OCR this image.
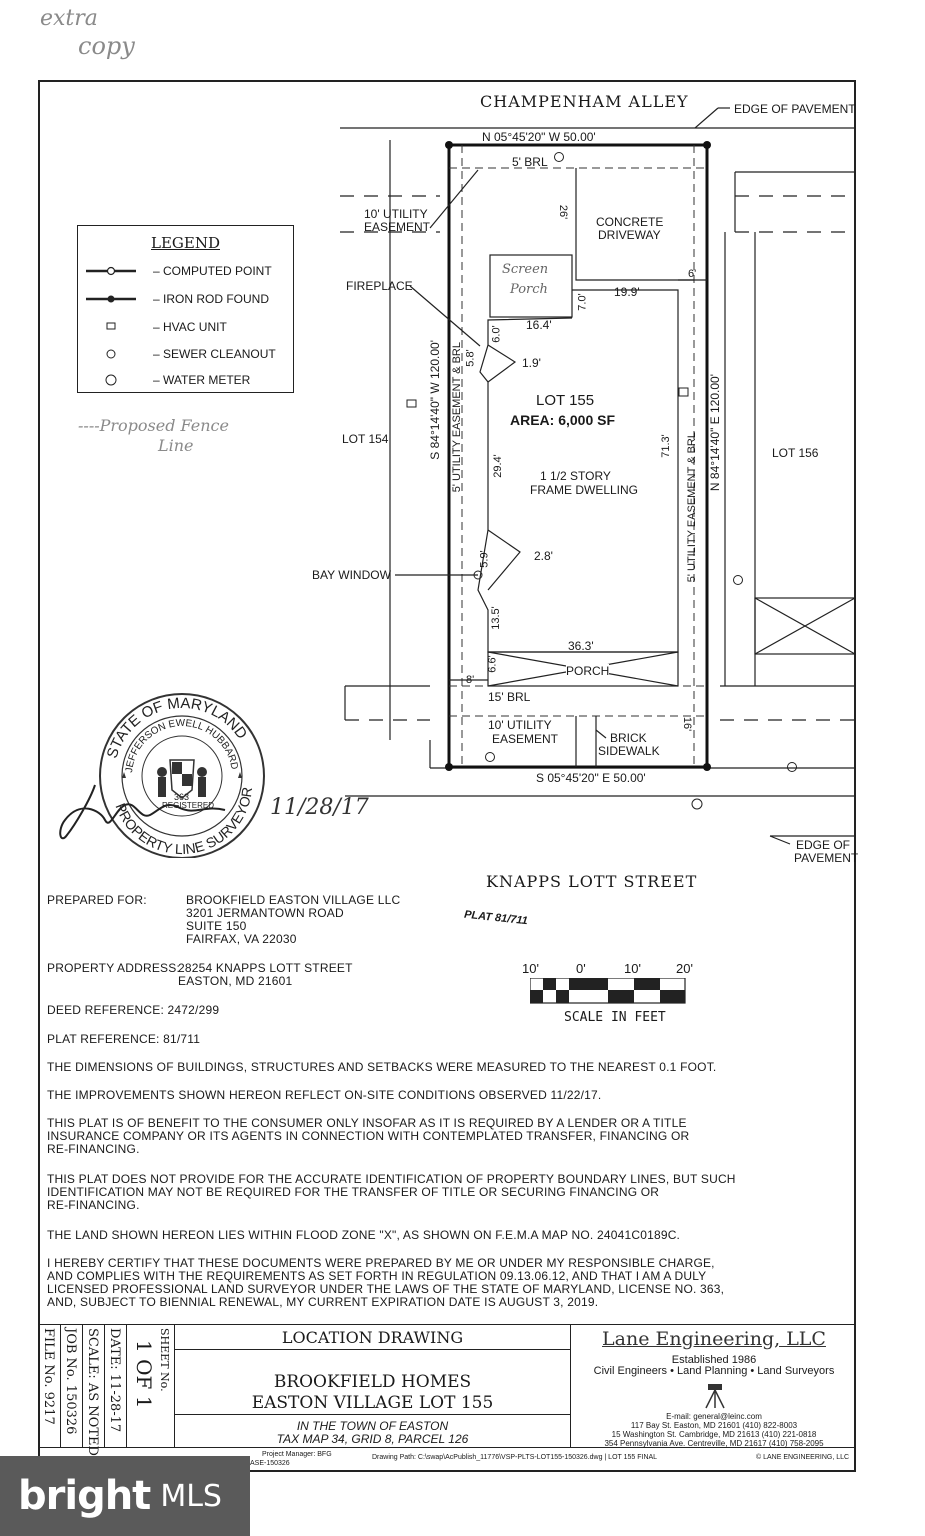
extra
copy
CHAMPENHAM ALLEY	EDGE OF PAVEMENT
KNAPPS LOTT STREET
EDGE OF
PAVEMENT
N 05°45'20" W 50.00'
S 05°45'20" E 50.00'
S 84°14'40" W 120.00'	N 84°14'40" E 120.00'
5' UTILITY EASEMENT & BRL
5' UTILITY EASEMENT & BRL
LEGEND
– COMPUTED POINT
– IRON ROD FOUND
– HVAC UNIT
– SEWER CLEANOUT
– WATER METER
----Proposed Fence
Line
10' UTILITY
EASEMENT
5' BRL
26'
CONCRETE
DRIVEWAY
Screen
Porch
FIREPLACE
6'
19.9'
7.0'
16.4'
6.0'
5.8'	1.9'
LOT 155
AREA: 6,000 SF
LOT 154
LOT 156
29.4'
71.3'
1 1/2 STORY
FRAME DWELLING
5.9'	2.8'
BAY WINDOW
13.5'
36.3'
6.6'	PORCH
8'
15' BRL
16'
10' UTILITY
EASEMENT	BRICK
SIDEWALK
STATE OF MARYLAND
JEFFERSON EWELL HUBBARD
PROPERTY LINE SURVEYOR
REGISTERED
363	11/28/17
PLAT 81/711
10'	0'	10'	20'
SCALE IN FEET
PREPARED FOR:	BROOKFIELD EASTON VILLAGE LLC
3201 JERMANTOWN ROAD
SUITE 150
FAIRFAX, VA 22030
PROPERTY ADDRESS:
28254 KNAPPS LOTT STREET
EASTON, MD 21601
DEED REFERENCE: 2472/299
PLAT REFERENCE: 81/711
THE DIMENSIONS OF BUILDINGS, STRUCTURES AND SETBACKS WERE MEASURED TO THE NEAREST 0.1 FOOT.
THE IMPROVEMENTS SHOWN HEREON REFLECT ON-SITE CONDITIONS OBSERVED 11/22/17.
THIS PLAT IS OF BENEFIT TO THE CONSUMER ONLY INSOFAR AS IT IS REQUIRED BY A LENDER OR A TITLE
INSURANCE COMPANY OR ITS AGENTS IN CONNECTION WITH CONTEMPLATED TRANSFER, FINANCING OR
RE-FINANCING.
THIS PLAT DOES NOT PROVIDE FOR THE ACCURATE IDENTIFICATION OF PROPERTY BOUNDARY LINES, BUT SUCH
IDENTIFICATION MAY NOT BE REQUIRED FOR THE TRANSFER OF TITLE OR SECURING FINANCING OR
RE-FINANCING.
THE LAND SHOWN HEREON LIES WITHIN FLOOD ZONE "X", AS SHOWN ON F.E.M.A MAP NO. 24041C0189C.
I HEREBY CERTIFY THAT THESE DOCUMENTS WERE PREPARED BY ME OR UNDER MY RESPONSIBLE CHARGE,
AND COMPLIES WITH THE REQUIREMENTS AS SET FORTH IN REGULATION 09.13.06.12, AND THAT I AM A DULY
LICENSED PROFESSIONAL LAND SURVEYOR UNDER THE LAWS OF THE STATE OF MARYLAND, LICENSE NO. 363,
AND, SUBJECT TO BIENNIAL RENEWAL, MY CURRENT EXPIRATION DATE IS AUGUST 3, 2019.
FILE No. 9217 JOB No. 150326 SCALE: AS NOTED DATE: 11-28-17	SHEET No.
1 OF 1
LOCATION DRAWING
BROOKFIELD HOMES
EASTON VILLAGE LOT 155
IN THE TOWN OF EASTON
TAX MAP 34, GRID 8, PARCEL 126
Lane Engineering, LLC
Established 1986
Civil Engineers • Land Planning • Land Surveyors
E-mail: general@leinc.com
117 Bay St. Easton, MD 21601 (410) 822-8003
15 Washington St. Cambridge, MD 21613 (410) 221-0818
354 Pennsylvania Ave. Centreville, MD 21617 (410) 758-2095
Project Manager: BFG
ASE-150326
Drawing Path: C:\swap\AcPublish_11776\VSP-PLTS-LOT155-150326.dwg | LOT 155 FINAL	© LANE ENGINEERING, LLC
bright MLS
